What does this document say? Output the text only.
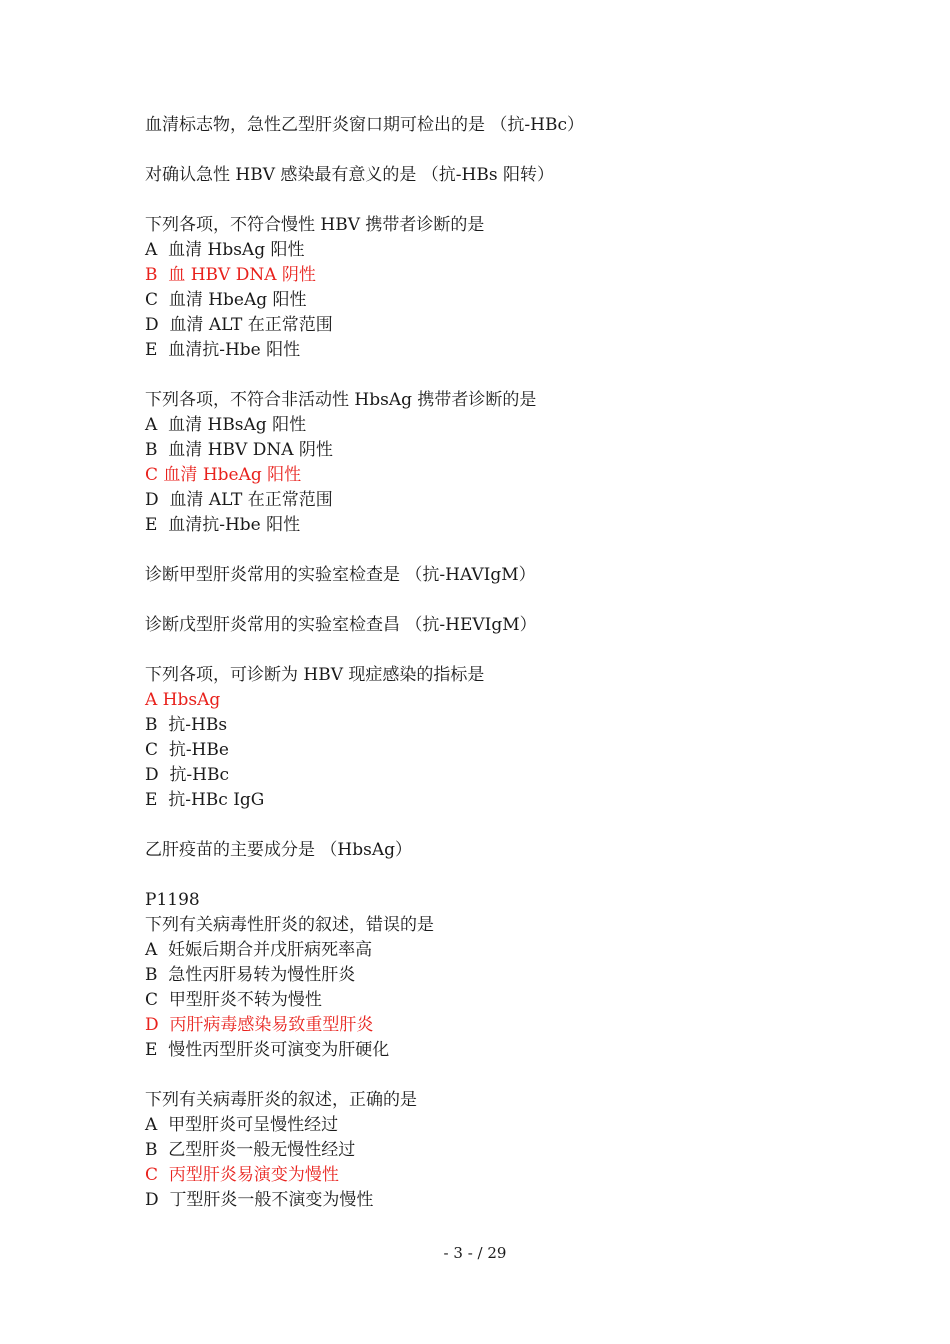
血清标志物，急性乙型肝炎窗口期可检出的是 （抗-HBc）
对确认急性 HBV 感染最有意义的是 （抗-HBs 阳转）
下列各项，不符合慢性 HBV 携带者诊断的是
A  血清 HbsAg 阳性
B  血 HBV DNA 阴性
C  血清 HbeAg 阳性
D  血清 ALT 在正常范围
E  血清抗-Hbe 阳性
下列各项，不符合非活动性 HbsAg 携带者诊断的是
A  血清 HBsAg 阳性
B  血清 HBV DNA 阴性
C 血清 HbeAg 阳性
D  血清 ALT 在正常范围
E  血清抗-Hbe 阳性
诊断甲型肝炎常用的实验室检查是 （抗-HAVIgM）
诊断戊型肝炎常用的实验室检查昌 （抗-HEVIgM）
下列各项，可诊断为 HBV 现症感染的指标是
A HbsAg
B  抗-HBs
C  抗-HBe
D  抗-HBc
E  抗-HBc IgG
乙肝疫苗的主要成分是 （HbsAg）
P1198
下列有关病毒性肝炎的叙述，错误的是
A  妊娠后期合并戊肝病死率高
B  急性丙肝易转为慢性肝炎
C  甲型肝炎不转为慢性
D  丙肝病毒感染易致重型肝炎
E  慢性丙型肝炎可演变为肝硬化
下列有关病毒肝炎的叙述，正确的是
A  甲型肝炎可呈慢性经过
B  乙型肝炎一般无慢性经过
C  丙型肝炎易演变为慢性
D  丁型肝炎一般不演变为慢性
- 3 - / 29
